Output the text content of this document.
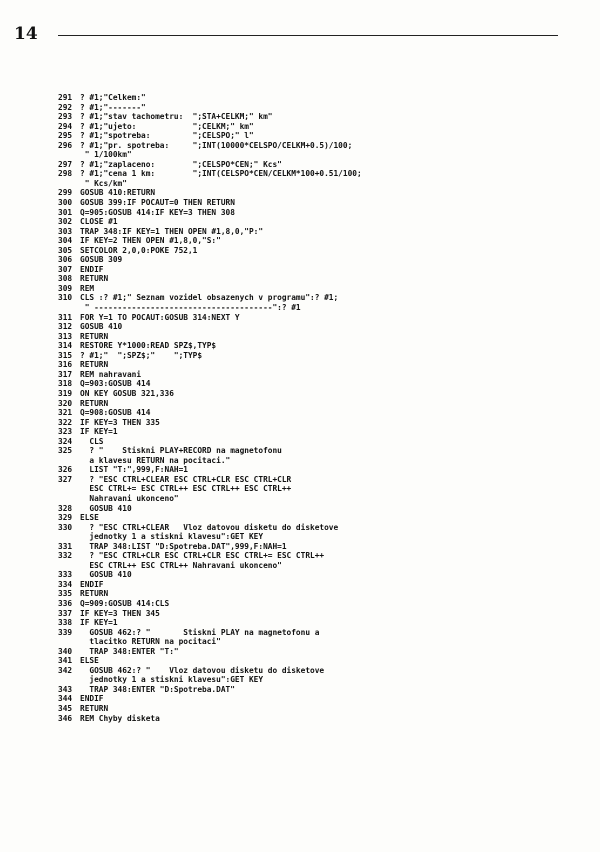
14
291	? #1;"Celkem:"
292	? #1;"-------"
293	? #1;"stav tachometru:  ";STA+CELKM;" km"
294	? #1;"ujeto:            ";CELKM;" km"
295	? #1;"spotreba:         ";CELSPO;" l"
296	? #1;"pr. spotreba:     ";INT(10000*CELSPO/CELKM+0.5)/100;
" 1/100km"
297	? #1;"zaplaceno:        ";CELSPO*CEN;" Kcs"
298	? #1;"cena 1 km:        ";INT(CELSPO*CEN/CELKM*100+0.51/100;
" Kcs/km"
299	GOSUB 410:RETURN
300	GOSUB 399:IF POCAUT=0 THEN RETURN
301	Q=905:GOSUB 414:IF KEY=3 THEN 308
302	CLOSE #1
303	TRAP 348:IF KEY=1 THEN OPEN #1,8,0,"P:"
304	IF KEY=2 THEN OPEN #1,8,0,"S:"
305	SETCOLOR 2,0,0:POKE 752,1
306	GOSUB 309
307	ENDIF
308	RETURN
309	REM
310	CLS :? #1;" Seznam vozidel obsazenych v programu":? #1;
" --------------------------------------":? #1
311	FOR Y=1 TO POCAUT:GOSUB 314:NEXT Y
312	GOSUB 410
313	RETURN
314	RESTORE Y*1000:READ SPZ$,TYP$
315	? #1;"  ";SPZ$;"    ";TYP$
316	RETURN
317	REM nahravani
318	Q=903:GOSUB 414
319	ON KEY GOSUB 321,336
320	RETURN
321	Q=908:GOSUB 414
322	IF KEY=3 THEN 335
323	IF KEY=1
324	CLS
325	? "    Stiskni PLAY+RECORD na magnetofonu
a klavesu RETURN na pocitaci."
326	LIST "T:",999,F:NAH=1
327	? "ESC CTRL+CLEAR ESC CTRL+CLR ESC CTRL+CLR
ESC CTRL+= ESC CTRL++ ESC CTRL++ ESC CTRL++
Nahravani ukonceno"
328	GOSUB 410
329	ELSE
330	? "ESC CTRL+CLEAR   Vloz datovou disketu do disketove
jednotky 1 a stiskni klavesu":GET KEY
331	TRAP 348:LIST "D:Spotreba.DAT",999,F:NAH=1
332	? "ESC CTRL+CLR ESC CTRL+CLR ESC CTRL+= ESC CTRL++
ESC CTRL++ ESC CTRL++ Nahravani ukonceno"
333	GOSUB 410
334	ENDIF
335	RETURN
336	Q=909:GOSUB 414:CLS
337	IF KEY=3 THEN 345
338	IF KEY=1
339	GOSUB 462:? "       Stiskni PLAY na magnetofonu a
tlacitko RETURN na pocitaci"
340	TRAP 348:ENTER "T:"
341	ELSE
342	GOSUB 462:? "    Vloz datovou disketu do disketove
jednotky 1 a stiskni klavesu":GET KEY
343	TRAP 348:ENTER "D:Spotreba.DAT"
344	ENDIF
345	RETURN
346	REM Chyby disketa
